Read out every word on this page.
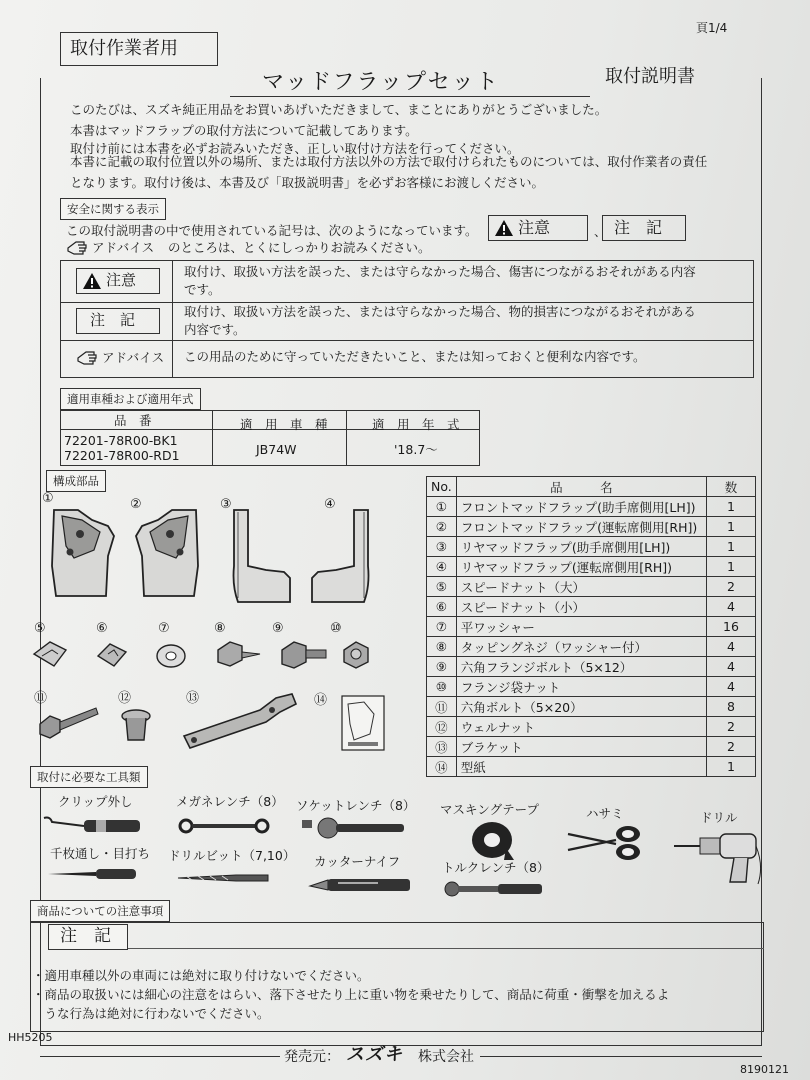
頁1/4
取付作業者用
マッドフラップセット	取付説明書
このたびは、スズキ純正用品をお買いあげいただきまして、まことにありがとうございました。
本書はマッドフラップの取付方法について記載してあります。
取付け前には本書を必ずお読みいただき、正しい取付け方法を行ってください。
本書に記載の取付位置以外の場所、または取付方法以外の方法で取付けられたものについては、取付作業者の責任
となります。取付け後は、本書及び「取扱説明書」を必ずお客様にお渡しください。
安全に関する表示
この取付説明書の中で使用されている記号は、次のようになっています。	注意	、 注　記
アドバイス のところは、とくにしっかりお読みください。
注意	取付け、取扱い方法を誤った、または守らなかった場合、傷害につながるおそれがある内容
です。
注　記	取付け、取扱い方法を誤った、または守らなかった場合、物的損害につながるおそれがある
内容です。
アドバイス この用品のために守っていただきたいこと、または知っておくと便利な内容です。
適用車種および適用年式
品　番	適　用　車　種	適　用　年　式
72201-78R00-BK1
72201-78R00-RD1	JB74W	'18.7～
構成部品
①	②	③	④
⑤	⑥	⑦	⑧	⑨	⑩
⑪	⑫	⑬	⑭
No.	品　　　名	数
①	フロントマッドフラップ(助手席側用[LH])	1
②	フロントマッドフラップ(運転席側用[RH])	1
③	リヤマッドフラップ(助手席側用[LH])	1
④	リヤマッドフラップ(運転席側用[RH])	1
⑤	スピードナット（大）	2
⑥	スピードナット（小）	4
⑦	平ワッシャー	16
⑧	タッピングネジ（ワッシャー付）	4
⑨	六角フランジボルト（5×12）	4
⑩	フランジ袋ナット	4
⑪	六角ボルト（5×20）	8
⑫	ウェルナット	2
⑬	ブラケット	2
⑭	型紙	1
取付に必要な工具類
クリップ外し	メガネレンチ（8） ソケットレンチ（8） マスキングテープ	ハサミ	ドリル
千枚通し・目打ち ドリルビット（7,10） カッターナイフ	トルクレンチ（8）
商品についての注意事項
注　記
・適用車種以外の車両には絶対に取り付けないでください。
・商品の取扱いには細心の注意をはらい、落下させたり上に重い物を乗せたりして、商品に荷重・衝撃を加えるよ
　うな行為は絶対に行わないでください。
HH5205
発売元： スズキ 株式会社
8190121
